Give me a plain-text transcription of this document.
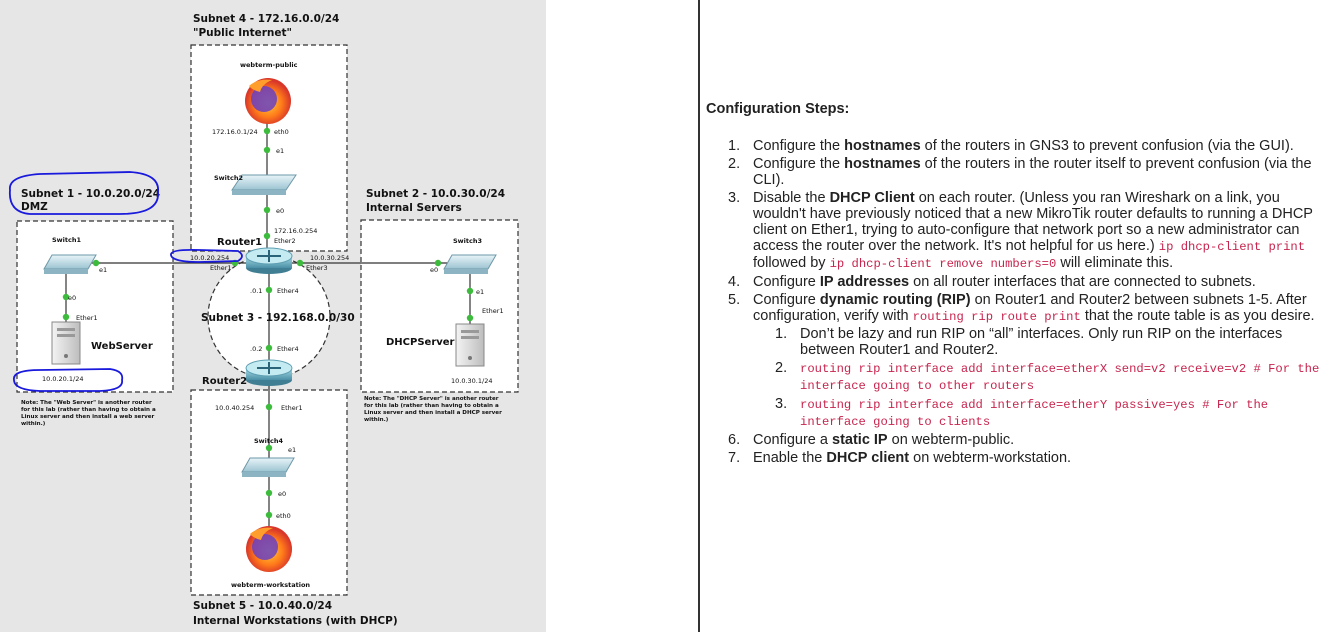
Subnet 4 - 172.16.0.0/24
"Public Internet"
Subnet 1 - 10.0.20.0/24
DMZ
Subnet 2 - 10.0.30.0/24
Internal Servers
Subnet 3 - 192.168.0.0/30
Subnet 5 - 10.0.40.0/24
Internal Workstations (with DHCP)
webterm-public
172.16.0.1/24	eth0
e1
Switch2
e0
172.16.0.254
Ether2
Router1
10.0.20.254
Ether1
10.0.30.254
Ether3
.0.1 Ether4
.0.2 Ether4
Router2
10.0.40.254	Ether1
Switch4
e1
e0
eth0
webterm-workstation
Switch1
e1
e0
Ether1
WebServer
10.0.20.1/24
Note: The "Web Server" is another router
for this lab (rather than having to obtain a
Linux server and then install a web server
within.)
Switch3
e0
e1
Ether1
DHCPServer
10.0.30.1/24
Note: The "DHCP Server" is another router
for this lab (rather than having to obtain a
Linux server and then install a DHCP server
within.)
Configuration Steps:
Configure the hostnames of the routers in GNS3 to prevent confusion (via the GUI).
Configure the hostnames of the routers in the router itself to prevent confusion (via the CLI).
Disable the DHCP Client on each router. (Unless you ran Wireshark on a link, you wouldn't have previously noticed that a new MikroTik router defaults to running a DHCP client on Ether1, trying to auto-configure that network port so a new administrator can access the router over the network. It's not helpful for us here.) ip dhcp-client print followed by ip dhcp-client remove numbers=0 will eliminate this.
Configure IP addresses on all router interfaces that are connected to subnets.
Configure dynamic routing (RIP) on Router1 and Router2 between subnets 1-5. After configuration, verify with routing rip route print that the route table is as you desire.
Don’t be lazy and run RIP on “all” interfaces. Only run RIP on the interfaces between Router1 and Router2.
routing rip interface add interface=etherX send=v2 receive=v2 # For the interface going to other routers
routing rip interface add interface=etherY passive=yes # For the interface going to clients
Configure a static IP on webterm-public.
Enable the DHCP client on webterm-workstation.
